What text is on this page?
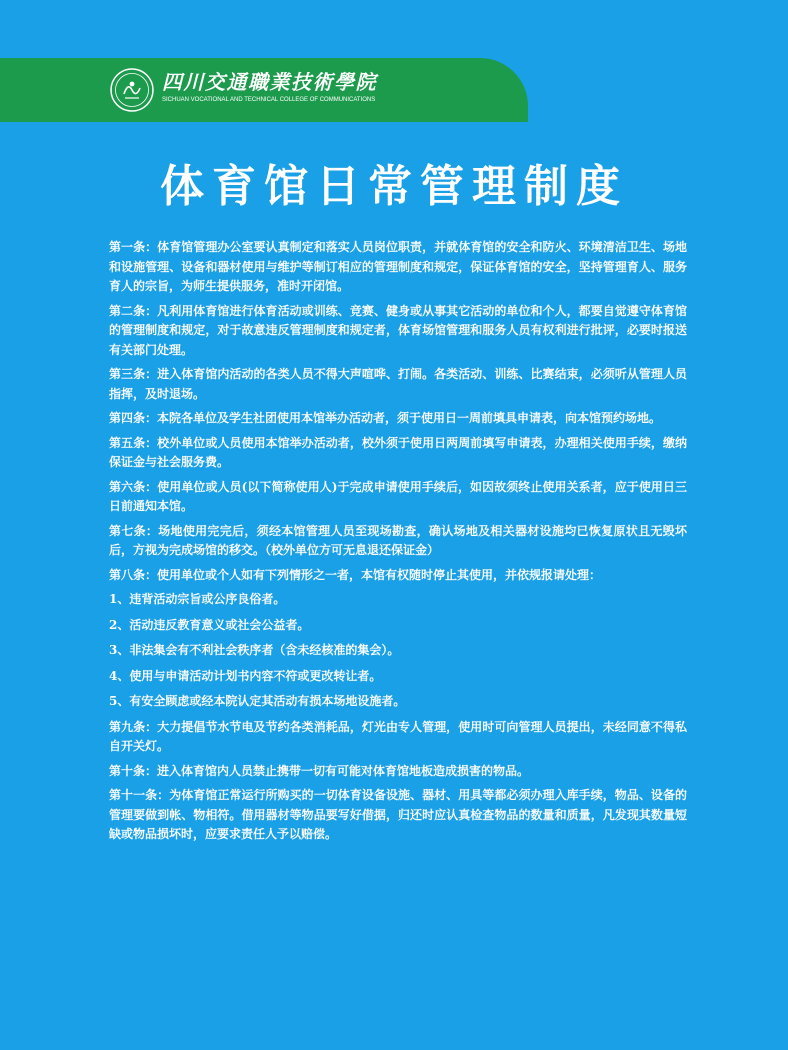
四川交通職業技術學院
SICHUAN VOCATIONAL AND TECHNICAL COLLEGE OF COMMUNICATIONS
体育馆日常管理制度

第一条：体育馆管理办公室要认真制定和落实人员岗位职责，并就体育馆的安全和防火、环境清洁卫生、场地和设施管理、设备和器材使用与维护等制订相应的管理制度和规定，保证体育馆的安全，坚持管理育人、服务育人的宗旨，为师生提供服务，准时开闭馆。

第二条：凡利用体育馆进行体育活动或训练、竞赛、健身或从事其它活动的单位和个人，都要自觉遵守体育馆的管理制度和规定，对于故意违反管理制度和规定者，体育场馆管理和服务人员有权利进行批评，必要时报送有关部门处理。

第三条：进入体育馆内活动的各类人员不得大声喧哗、打闹。各类活动、训练、比赛结束，必须听从管理人员指挥，及时退场。

第四条：本院各单位及学生社团使用本馆举办活动者，须于使用日一周前填具申请表，向本馆预约场地。

第五条：校外单位或人员使用本馆举办活动者，校外须于使用日两周前填写申请表，办理相关使用手续，缴纳保证金与社会服务费。

第六条：使用单位或人员(以下简称使用人)于完成申请使用手续后，如因故须终止使用关系者，应于使用日三日前通知本馆。

第七条：场地使用完完后，须经本馆管理人员至现场勘查，确认场地及相关器材设施均已恢复原状且无毁坏后，方视为完成场馆的移交。（校外单位方可无息退还保证金）

第八条：使用单位或个人如有下列情形之一者，本馆有权随时停止其使用，并依规报请处理：

1、违背活动宗旨或公序良俗者。

2、活动违反教育意义或社会公益者。

3、非法集会有不利社会秩序者（含未经核准的集会）。

4、使用与申请活动计划书内容不符或更改转让者。

5、有安全顾虑或经本院认定其活动有损本场地设施者。

第九条：大力提倡节水节电及节约各类消耗品，灯光由专人管理，使用时可向管理人员提出，未经同意不得私自开关灯。

第十条：进入体育馆内人员禁止携带一切有可能对体育馆地板造成损害的物品。

第十一条：为体育馆正常运行所购买的一切体育设备设施、器材、用具等都必须办理入库手续，物品、设备的管理要做到帐、物相符。借用器材等物品要写好借据，归还时应认真检查物品的数量和质量，凡发现其数量短缺或物品损坏时，应要求责任人予以赔偿。
